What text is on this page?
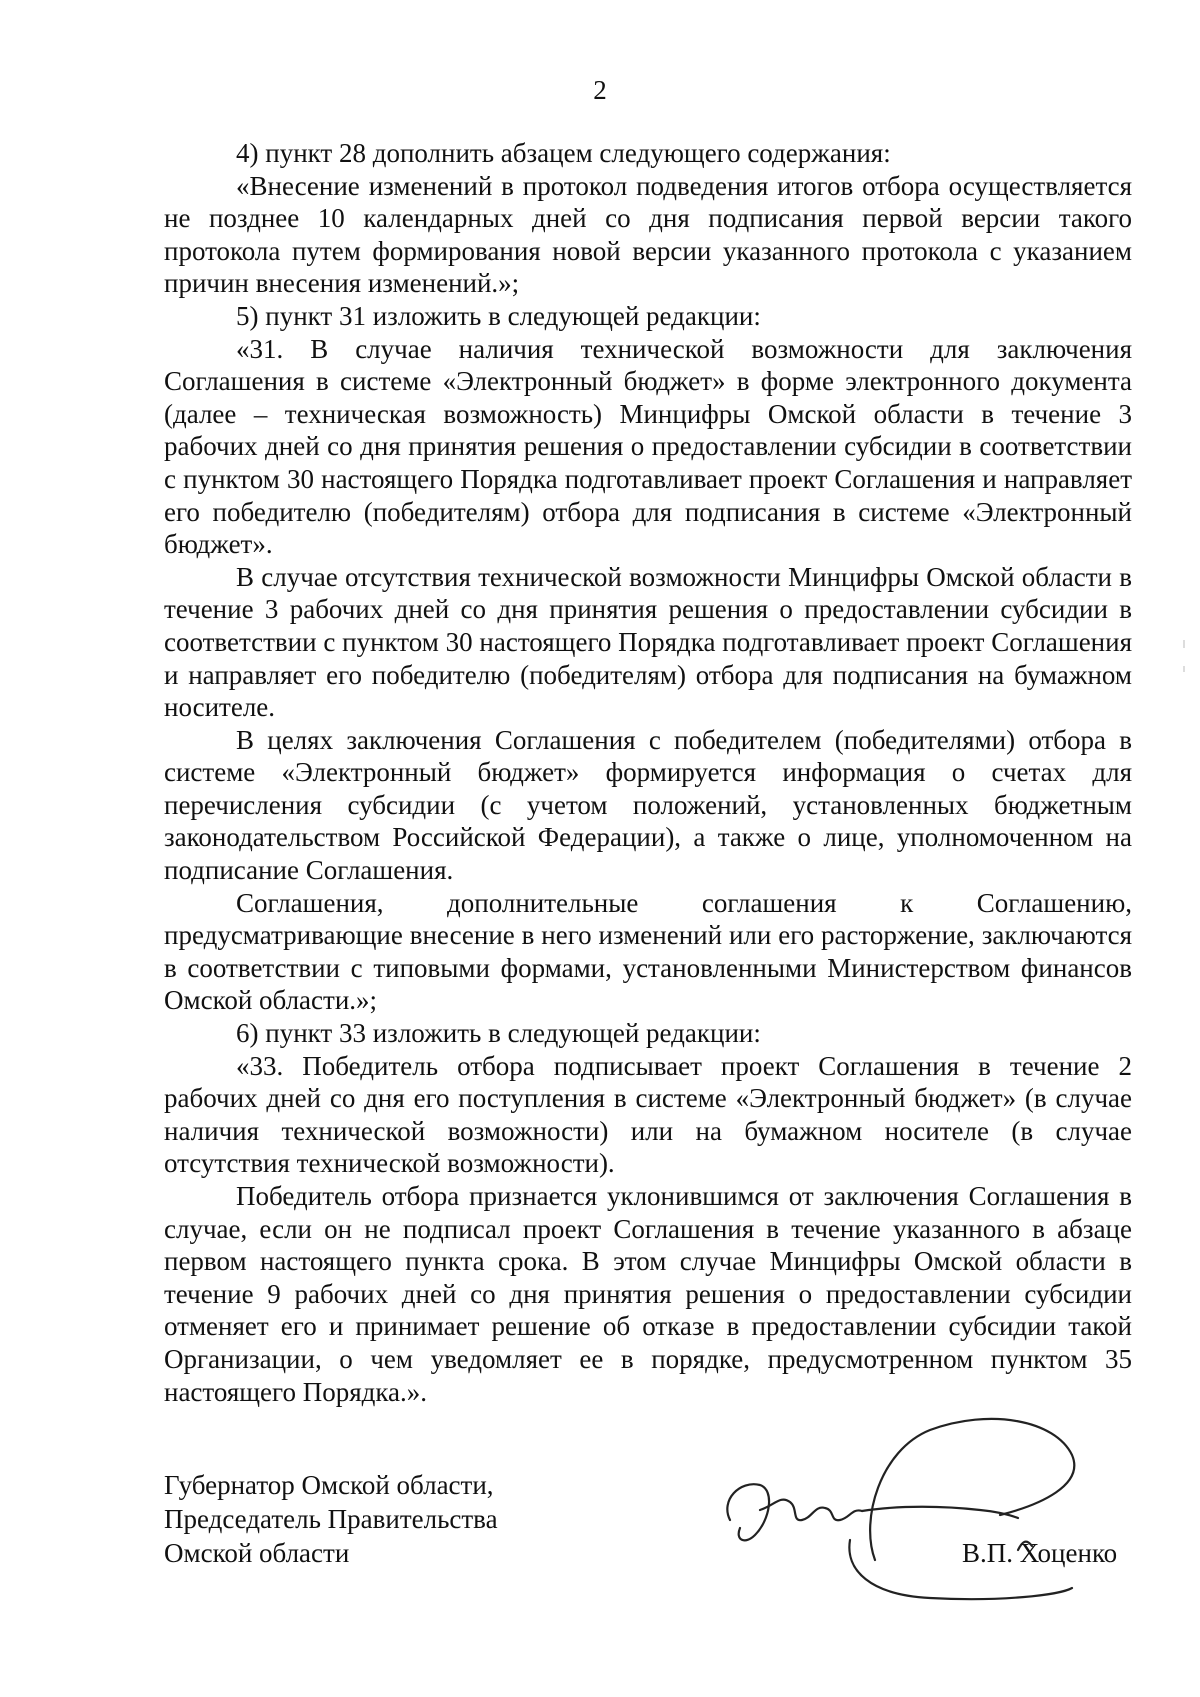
2

4) пункт 28 дополнить абзацем следующего содержания:

«Внесение изменений в протокол подведения итогов отбора осуществляется не позднее 10 календарных дней со дня подписания первой версии такого протокола путем формирования новой версии указанного протокола с указанием причин внесения изменений.»;

5) пункт 31 изложить в следующей редакции:

«31. В случае наличия технической возможности для заключения Соглашения в системе «Электронный бюджет» в форме электронного документа (далее – техническая возможность) Минцифры Омской области в течение 3 рабочих дней со дня принятия решения о предоставлении субсидии в соответствии с пунктом 30 настоящего Порядка подготавливает проект Соглашения и направляет его победителю (победителям) отбора для подписания в системе «Электронный бюджет».

В случае отсутствия технической возможности Минцифры Омской области в течение 3 рабочих дней со дня принятия решения о предоставлении субсидии в соответствии с пунктом 30 настоящего Порядка подготавливает проект Соглашения и направляет его победителю (победителям) отбора для подписания на бумажном носителе.

В целях заключения Соглашения с победителем (победителями) отбора в системе «Электронный бюджет» формируется информация о счетах для перечисления субсидии (с учетом положений, установленных бюджетным законодательством Российской Федерации), а также о лице, уполномоченном на подписание Соглашения.

Соглашения, дополнительные соглашения к Соглашению, предусматривающие внесение в него изменений или его расторжение, заключаются в соответствии с типовыми формами, установленными Министерством финансов Омской области.»;

6) пункт 33 изложить в следующей редакции:

«33. Победитель отбора подписывает проект Соглашения в течение 2 рабочих дней со дня его поступления в системе «Электронный бюджет» (в случае наличия технической возможности) или на бумажном носителе (в случае отсутствия технической возможности).

Победитель отбора признается уклонившимся от заключения Соглашения в случае, если он не подписал проект Соглашения в течение указанного в абзаце первом настоящего пункта срока. В этом случае Минцифры Омской области в течение 9 рабочих дней со дня принятия решения о предоставлении субсидии отменяет его и принимает решение об отказе в предоставлении субсидии такой Организации, о чем уведомляет ее в порядке, предусмотренном пунктом 35 настоящего Порядка.».

Губернатор Омской области,
Председатель Правительства
Омской области	В.П. Хоценко
